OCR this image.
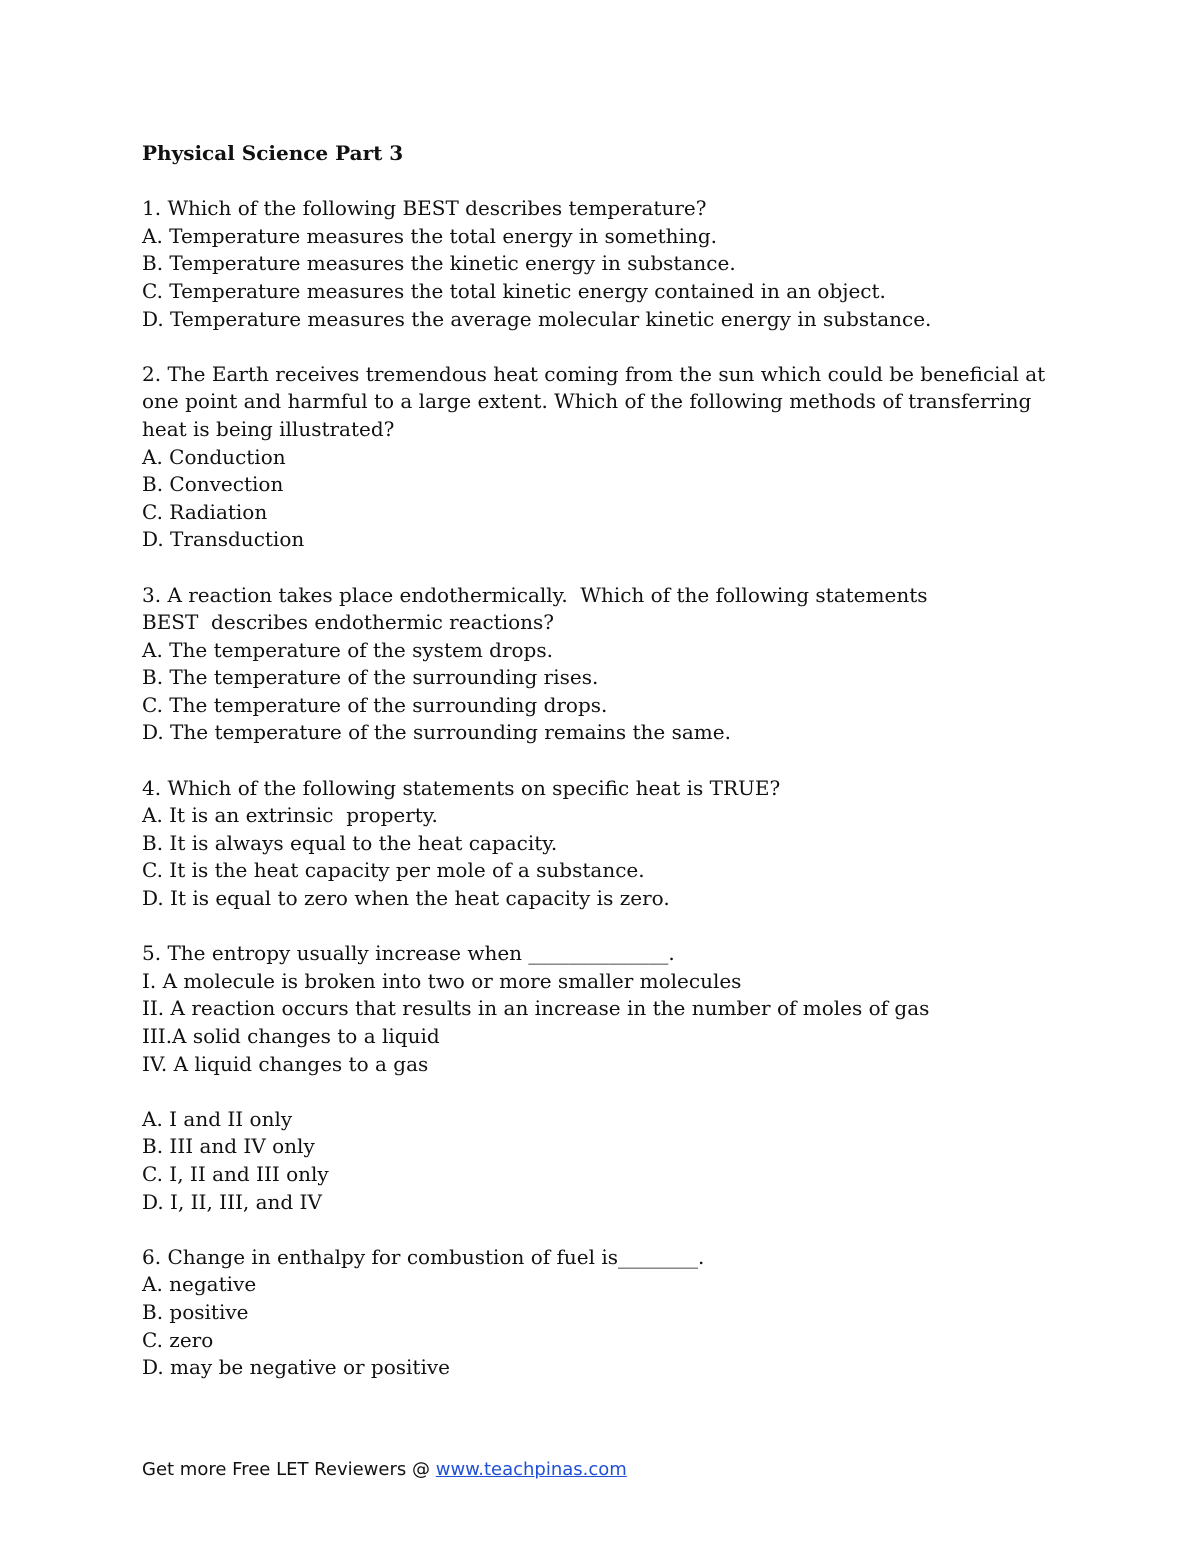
Physical Science Part 3

1. Which of the following BEST describes temperature?
A. Temperature measures the total energy in something.
B. Temperature measures the kinetic energy in substance.
C. Temperature measures the total kinetic energy contained in an object.
D. Temperature measures the average molecular kinetic energy in substance.
2. The Earth receives tremendous heat coming from the sun which could be beneficial at
one point and harmful to a large extent. Which of the following methods of transferring
heat is being illustrated?
A. Conduction
B. Convection
C. Radiation
D. Transduction
3. A reaction takes place endothermically.  Which of the following statements
BEST  describes endothermic reactions?
A. The temperature of the system drops.
B. The temperature of the surrounding rises.
C. The temperature of the surrounding drops.
D. The temperature of the surrounding remains the same.
4. Which of the following statements on specific heat is TRUE?
A. It is an extrinsic  property.
B. It is always equal to the heat capacity.
C. It is the heat capacity per mole of a substance.
D. It is equal to zero when the heat capacity is zero.
5. The entropy usually increase when ______________.
I. A molecule is broken into two or more smaller molecules
II. A reaction occurs that results in an increase in the number of moles of gas
III.A solid changes to a liquid
IV. A liquid changes to a gas
A. I and II only
B. III and IV only
C. I, II and III only
D. I, II, III, and IV
6. Change in enthalpy for combustion of fuel is________.
A. negative
B. positive
C. zero
D. may be negative or positive
Get more Free LET Reviewers @ www.teachpinas.com
